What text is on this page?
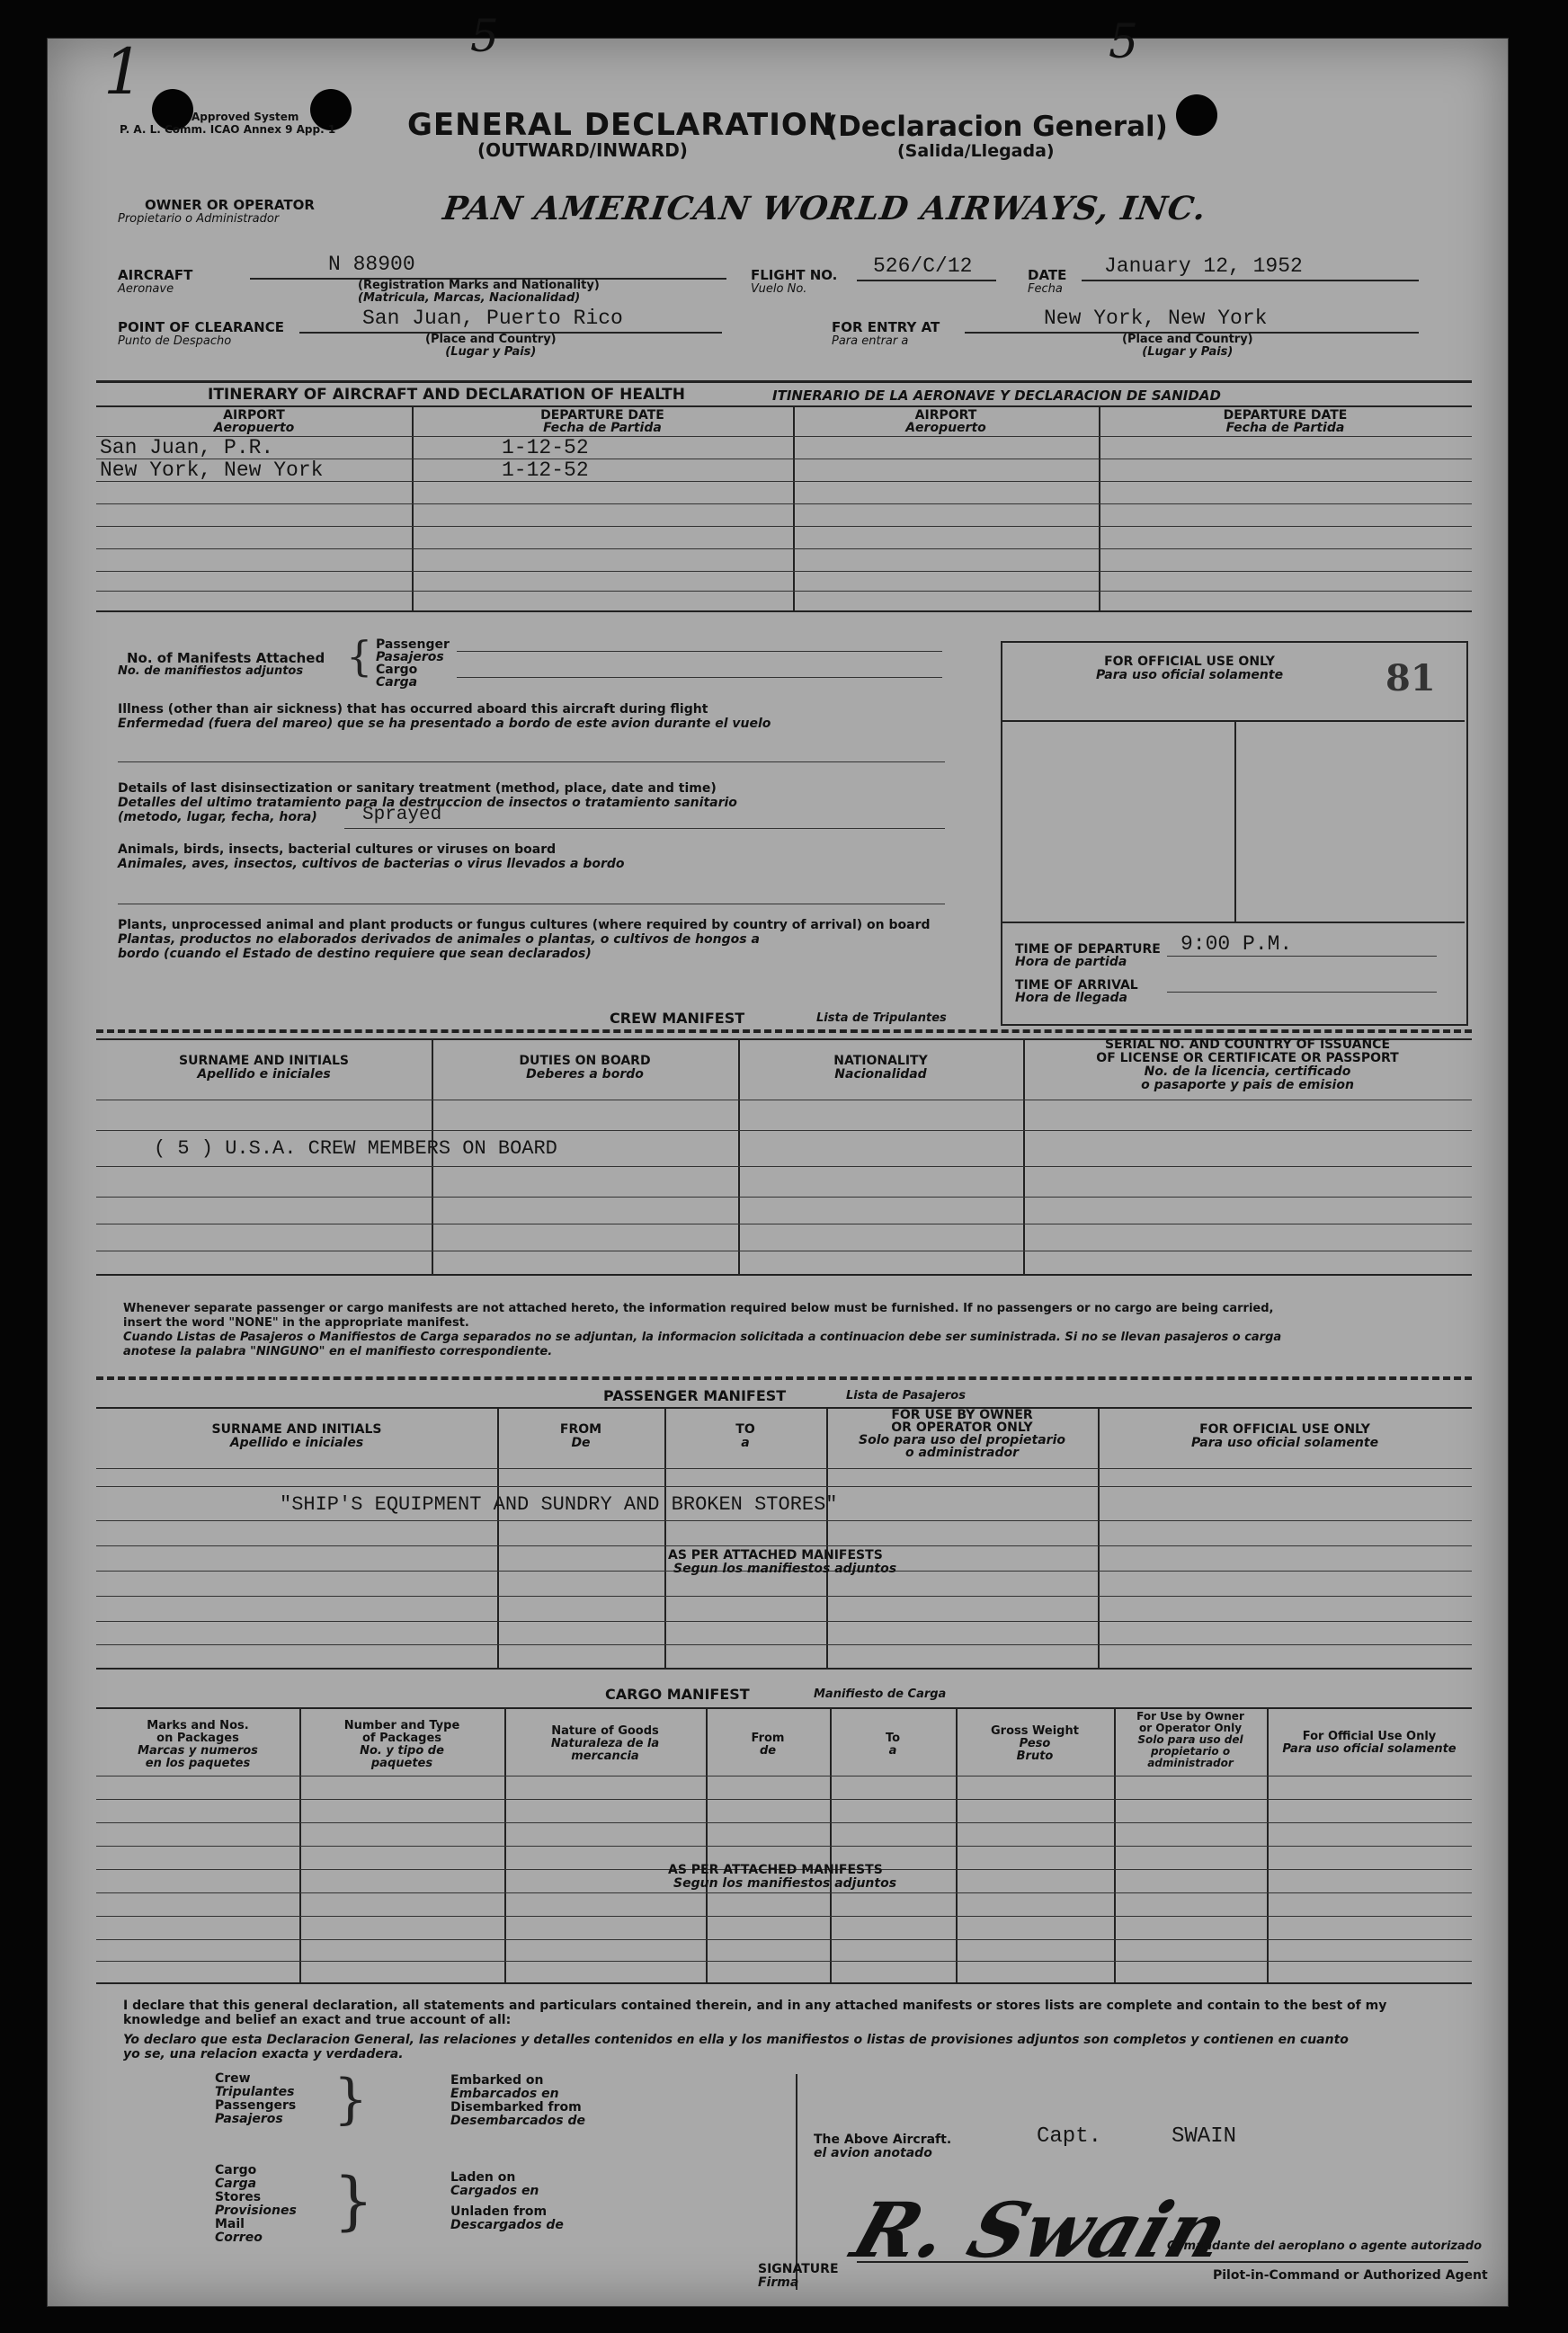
1	5	5
Approved System
P. A. L. Comm. ICAO Annex 9 App. 1 GENERAL DECLARATION
(OUTWARD/INWARD)
(Declaracion General)
(Salida/Llegada)
OWNER OR OPERATOR
Propietario o Administrador	PAN AMERICAN WORLD AIRWAYS, INC.
AIRCRAFT
Aeronave
N 88900
(Registration Marks and Nationality)
(Matricula, Marcas, Nacionalidad)
FLIGHT NO.
Vuelo No.
526/C/12	DATE
Fecha
January 12, 1952
POINT OF CLEARANCE
Punto de Despacho
San Juan, Puerto Rico
(Place and Country)
(Lugar y Pais)
FOR ENTRY AT
Para entrar a
New York, New York
(Place and Country)
(Lugar y Pais)
ITINERARY OF AIRCRAFT AND DECLARATION OF HEALTH	ITINERARIO DE LA AERONAVE Y DECLARACION DE SANIDAD
AIRPORT
Aeropuerto
DEPARTURE DATE
Fecha de Partida
AIRPORT
Aeropuerto
DEPARTURE DATE
Fecha de Partida
San Juan, P.R.	1-12-52
New York, New York	1-12-52
No. of Manifests Attached
No. de manifiestos adjuntos { Passenger
Pasajeros
Cargo
Carga
Illness (other than air sickness) that has occurred aboard this aircraft during flight
Enfermedad (fuera del mareo) que se ha presentado a bordo de este avion durante el vuelo
Details of last disinsectization or sanitary treatment (method, place, date and time)
Detalles del ultimo tratamiento para la destruccion de insectos o tratamiento sanitario
(metodo, lugar, fecha, hora) Sprayed
Animals, birds, insects, bacterial cultures or viruses on board
Animales, aves, insectos, cultivos de bacterias o virus llevados a bordo
Plants, unprocessed animal and plant products or fungus cultures (where required by country of arrival) on board
Plantas, productos no elaborados derivados de animales o plantas, o cultivos de hongos a
bordo (cuando el Estado de destino requiere que sean declarados)
FOR OFFICIAL USE ONLY
Para uso oficial solamente	81
TIME OF DEPARTURE
Hora de partida
9:00 P.M.
TIME OF ARRIVAL
Hora de llegada
CREW MANIFEST	Lista de Tripulantes
SURNAME AND INITIALS
Apellido e iniciales
DUTIES ON BOARD
Deberes a bordo
NATIONALITY
Nacionalidad
SERIAL NO. AND COUNTRY OF ISSUANCE
OF LICENSE OR CERTIFICATE OR PASSPORT
No. de la licencia, certificado
o pasaporte y pais de emision
( 5 ) U.S.A. CREW MEMBERS ON BOARD
Whenever separate passenger or cargo manifests are not attached hereto, the information required below must be furnished. If no passengers or no cargo are being carried,
insert the word "NONE" in the appropriate manifest.
Cuando Listas de Pasajeros o Manifiestos de Carga separados no se adjuntan, la informacion solicitada a continuacion debe ser suministrada. Si no se llevan pasajeros o carga
anotese la palabra "NINGUNO" en el manifiesto correspondiente.
PASSENGER MANIFEST	Lista de Pasajeros
SURNAME AND INITIALS
Apellido e iniciales
FROM
De
TO
a
FOR USE BY OWNER
OR OPERATOR ONLY
Solo para uso del propietario
o administrador
FOR OFFICIAL USE ONLY
Para uso oficial solamente
"SHIP'S EQUIPMENT AND SUNDRY AND BROKEN STORES"
AS PER ATTACHED MANIFESTS
Segun los manifiestos adjuntos
CARGO MANIFEST	Manifiesto de Carga
Marks and Nos.
on Packages
Marcas y numeros
en los paquetes
Number and Type
of Packages
No. y tipo de
paquetes
Nature of Goods
Naturaleza de la
mercancia
From
de
To
a
Gross Weight
Peso
Bruto
For Use by Owner
or Operator Only
Solo para uso del
propietario o
administrador
For Official Use Only
Para uso oficial solamente
AS PER ATTACHED MANIFESTS
Segun los manifiestos adjuntos
I declare that this general declaration, all statements and particulars contained therein, and in any attached manifests or stores lists are complete and contain to the best of my
knowledge and belief an exact and true account of all:
Yo declaro que esta Declaracion General, las relaciones y detalles contenidos en ella y los manifiestos o listas de provisiones adjuntos son completos y contienen en cuanto
yo se, una relacion exacta y verdadera.
Crew
Tripulantes
Passengers
Pasajeros }	Embarked on
Embarcados en
Disembarked from
Desembarcados de
Cargo
Carga
Stores
Provisiones
Mail
Correo	}	Laden on
Cargados en
Unladen from
Descargados de
The Above Aircraft.
el avion anotado
Capt.	SWAIN
R. Swain
SIGNATURE
Firma
Comandante del aeroplano o agente autorizado
Pilot-in-Command or Authorized Agent
